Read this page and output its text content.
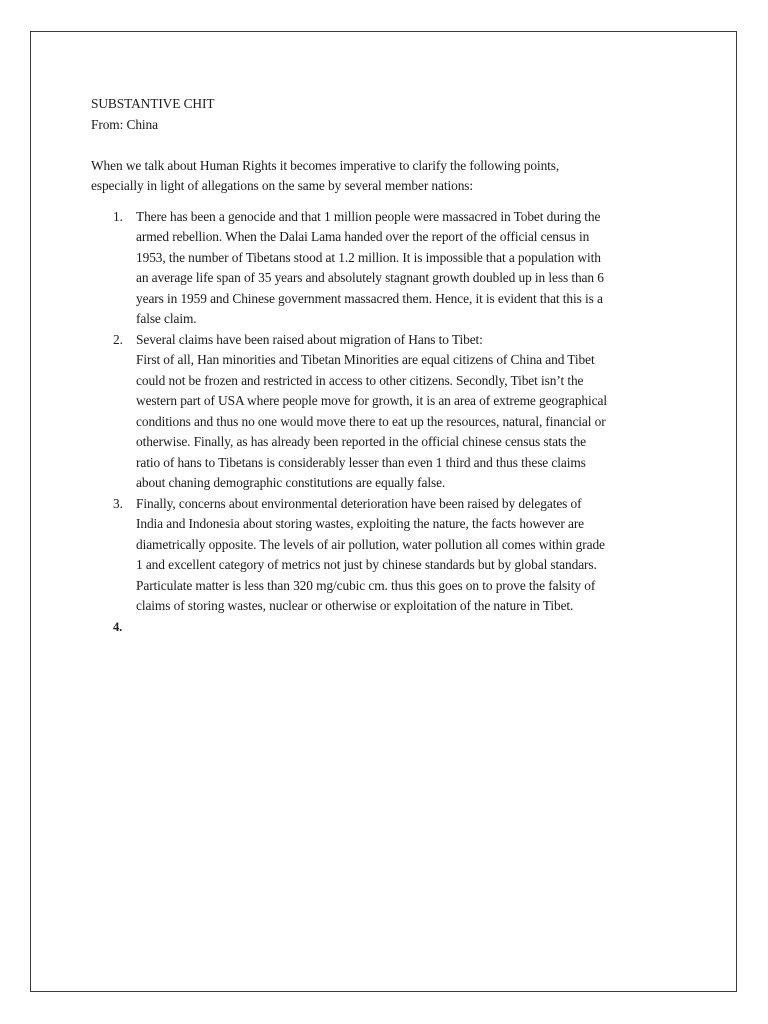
SUBSTANTIVE CHIT
From: China
When we talk about Human Rights it becomes imperative to clarify the following points,
especially in light of allegations on the same by several member nations:
1. There has been a genocide and that 1 million people were massacred in Tobet during the
armed rebellion. When the Dalai Lama handed over the report of the official census in
1953, the number of Tibetans stood at 1.2 million. It is impossible that a population with
an average life span of 35 years and absolutely stagnant growth doubled up in less than 6
years in 1959 and Chinese government massacred them. Hence, it is evident that this is a
false claim.
2. Several claims have been raised about migration of Hans to Tibet:
First of all, Han minorities and Tibetan Minorities are equal citizens of China and Tibet
could not be frozen and restricted in access to other citizens. Secondly, Tibet isn’t the
western part of USA where people move for growth, it is an area of extreme geographical
conditions and thus no one would move there to eat up the resources, natural, financial or
otherwise. Finally, as has already been reported in the official chinese census stats the
ratio of hans to Tibetans is considerably lesser than even 1 third and thus these claims
about chaning demographic constitutions are equally false.
3. Finally, concerns about environmental deterioration have been raised by delegates of
India and Indonesia about storing wastes, exploiting the nature, the facts however are
diametrically opposite. The levels of air pollution, water pollution all comes within grade
1 and excellent category of metrics not just by chinese standards but by global standars.
Particulate matter is less than 320 mg/cubic cm. thus this goes on to prove the falsity of
claims of storing wastes, nuclear or otherwise or exploitation of the nature in Tibet.
4.
